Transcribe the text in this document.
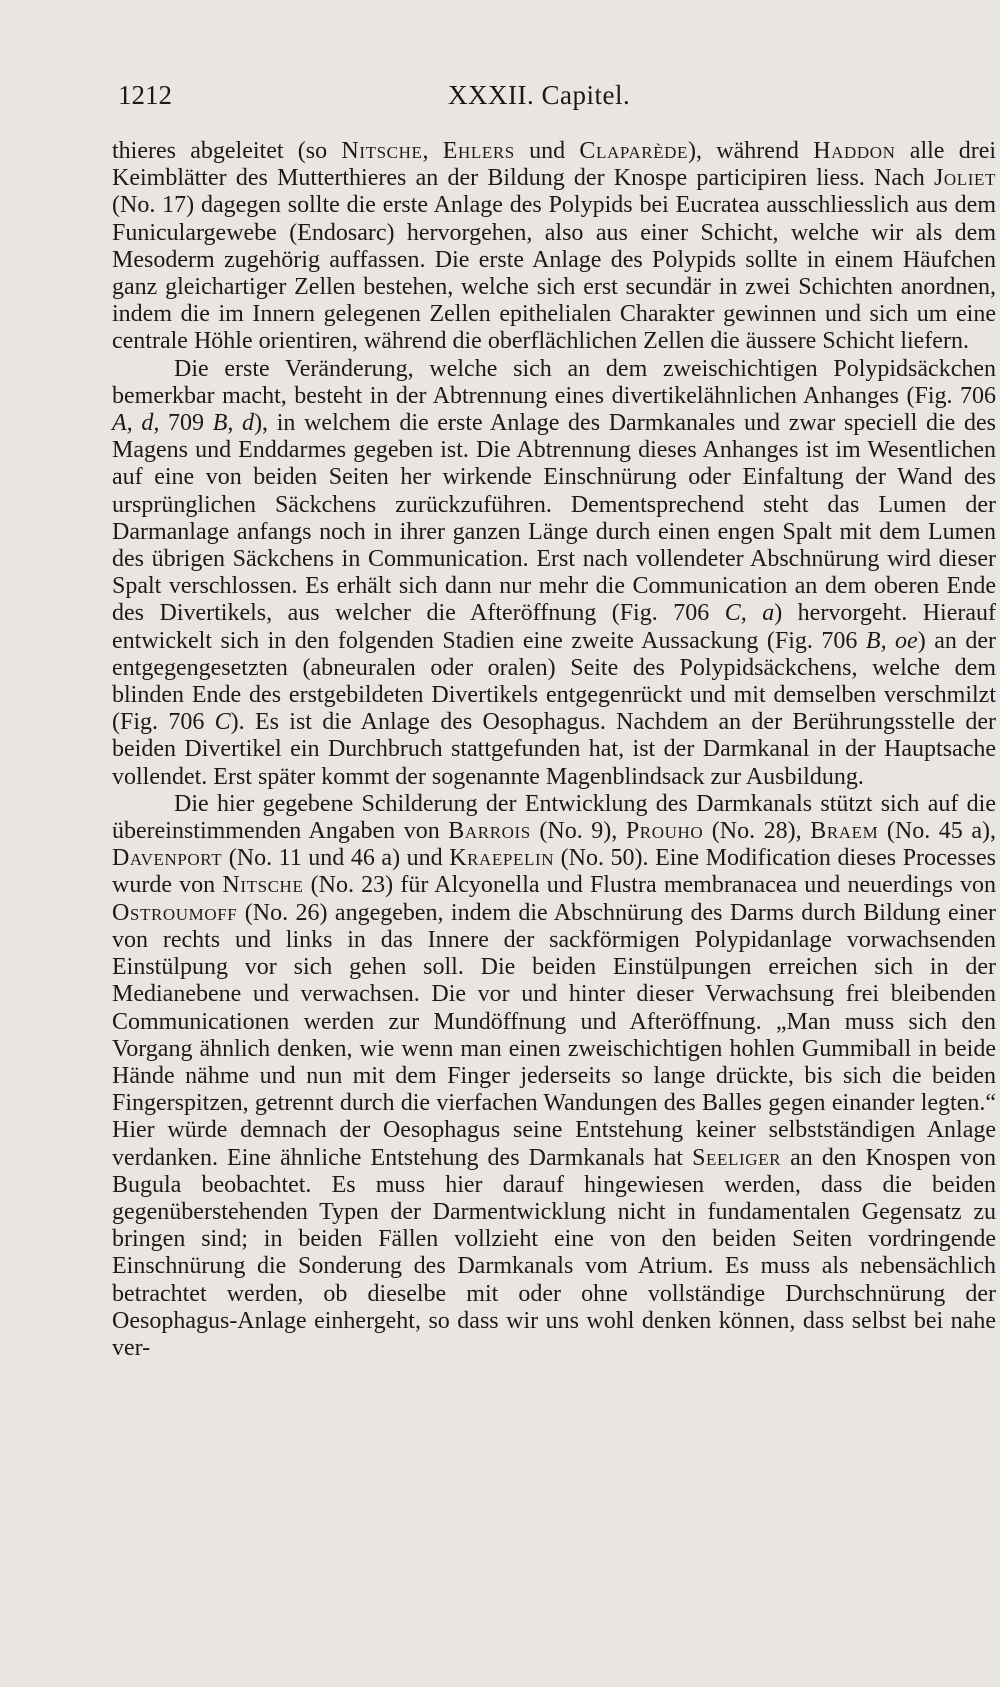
1212	XXXII. Capitel.

thieres abgeleitet (so Nitsche, Ehlers und Claparède), während Haddon alle drei Keimblätter des Mutterthieres an der Bildung der Knospe participiren liess. Nach Joliet (No. 17) dagegen sollte die erste Anlage des Polypids bei Eucratea ausschliesslich aus dem Funiculargewebe (Endosarc) hervorgehen, also aus einer Schicht, welche wir als dem Mesoderm zugehörig auffassen. Die erste Anlage des Polypids sollte in einem Häufchen ganz gleichartiger Zellen bestehen, welche sich erst secundär in zwei Schichten anordnen, indem die im Innern gelegenen Zellen epithelialen Charakter gewinnen und sich um eine centrale Höhle orientiren, während die oberflächlichen Zellen die äussere Schicht liefern.

Die erste Veränderung, welche sich an dem zweischichtigen Polypidsäckchen bemerkbar macht, besteht in der Abtrennung eines divertikelähnlichen Anhanges (Fig. 706 A, d, 709 B, d), in welchem die erste Anlage des Darmkanales und zwar speciell die des Magens und Enddarmes gegeben ist. Die Abtrennung dieses Anhanges ist im Wesentlichen auf eine von beiden Seiten her wirkende Einschnürung oder Einfaltung der Wand des ursprünglichen Säckchens zurückzuführen. Dementsprechend steht das Lumen der Darmanlage anfangs noch in ihrer ganzen Länge durch einen engen Spalt mit dem Lumen des übrigen Säckchens in Communication. Erst nach vollendeter Abschnürung wird dieser Spalt verschlossen. Es erhält sich dann nur mehr die Communication an dem oberen Ende des Divertikels, aus welcher die Afteröffnung (Fig. 706 C, a) hervorgeht. Hierauf entwickelt sich in den folgenden Stadien eine zweite Aussackung (Fig. 706 B, oe) an der entgegengesetzten (abneuralen oder oralen) Seite des Polypidsäckchens, welche dem blinden Ende des erstgebildeten Divertikels entgegenrückt und mit demselben verschmilzt (Fig. 706 C). Es ist die Anlage des Oesophagus. Nachdem an der Berührungsstelle der beiden Divertikel ein Durchbruch stattgefunden hat, ist der Darmkanal in der Hauptsache vollendet. Erst später kommt der sogenannte Magenblindsack zur Ausbildung.

Die hier gegebene Schilderung der Entwicklung des Darmkanals stützt sich auf die übereinstimmenden Angaben von Barrois (No. 9), Prouho (No. 28), Braem (No. 45 a), Davenport (No. 11 und 46 a) und Kraepelin (No. 50). Eine Modification dieses Processes wurde von Nitsche (No. 23) für Alcyonella und Flustra membranacea und neuerdings von Ostroumoff (No. 26) angegeben, indem die Abschnürung des Darms durch Bildung einer von rechts und links in das Innere der sackförmigen Polypidanlage vorwachsenden Einstülpung vor sich gehen soll. Die beiden Einstülpungen erreichen sich in der Medianebene und verwachsen. Die vor und hinter dieser Verwachsung frei bleibenden Communicationen werden zur Mundöffnung und Afteröffnung. „Man muss sich den Vorgang ähnlich denken, wie wenn man einen zweischichtigen hohlen Gummiball in beide Hände nähme und nun mit dem Finger jederseits so lange drückte, bis sich die beiden Fingerspitzen, getrennt durch die vierfachen Wandungen des Balles gegen einander legten.“ Hier würde demnach der Oesophagus seine Entstehung keiner selbstständigen Anlage verdanken. Eine ähnliche Entstehung des Darmkanals hat Seeliger an den Knospen von Bugula beobachtet. Es muss hier darauf hingewiesen werden, dass die beiden gegenüberstehenden Typen der Darmentwicklung nicht in fundamentalen Gegensatz zu bringen sind; in beiden Fällen vollzieht eine von den beiden Seiten vordringende Einschnürung die Sonderung des Darmkanals vom Atrium. Es muss als nebensächlich betrachtet werden, ob dieselbe mit oder ohne vollständige Durchschnürung der Oesophagus-Anlage einhergeht, so dass wir uns wohl denken können, dass selbst bei nahe ver-
